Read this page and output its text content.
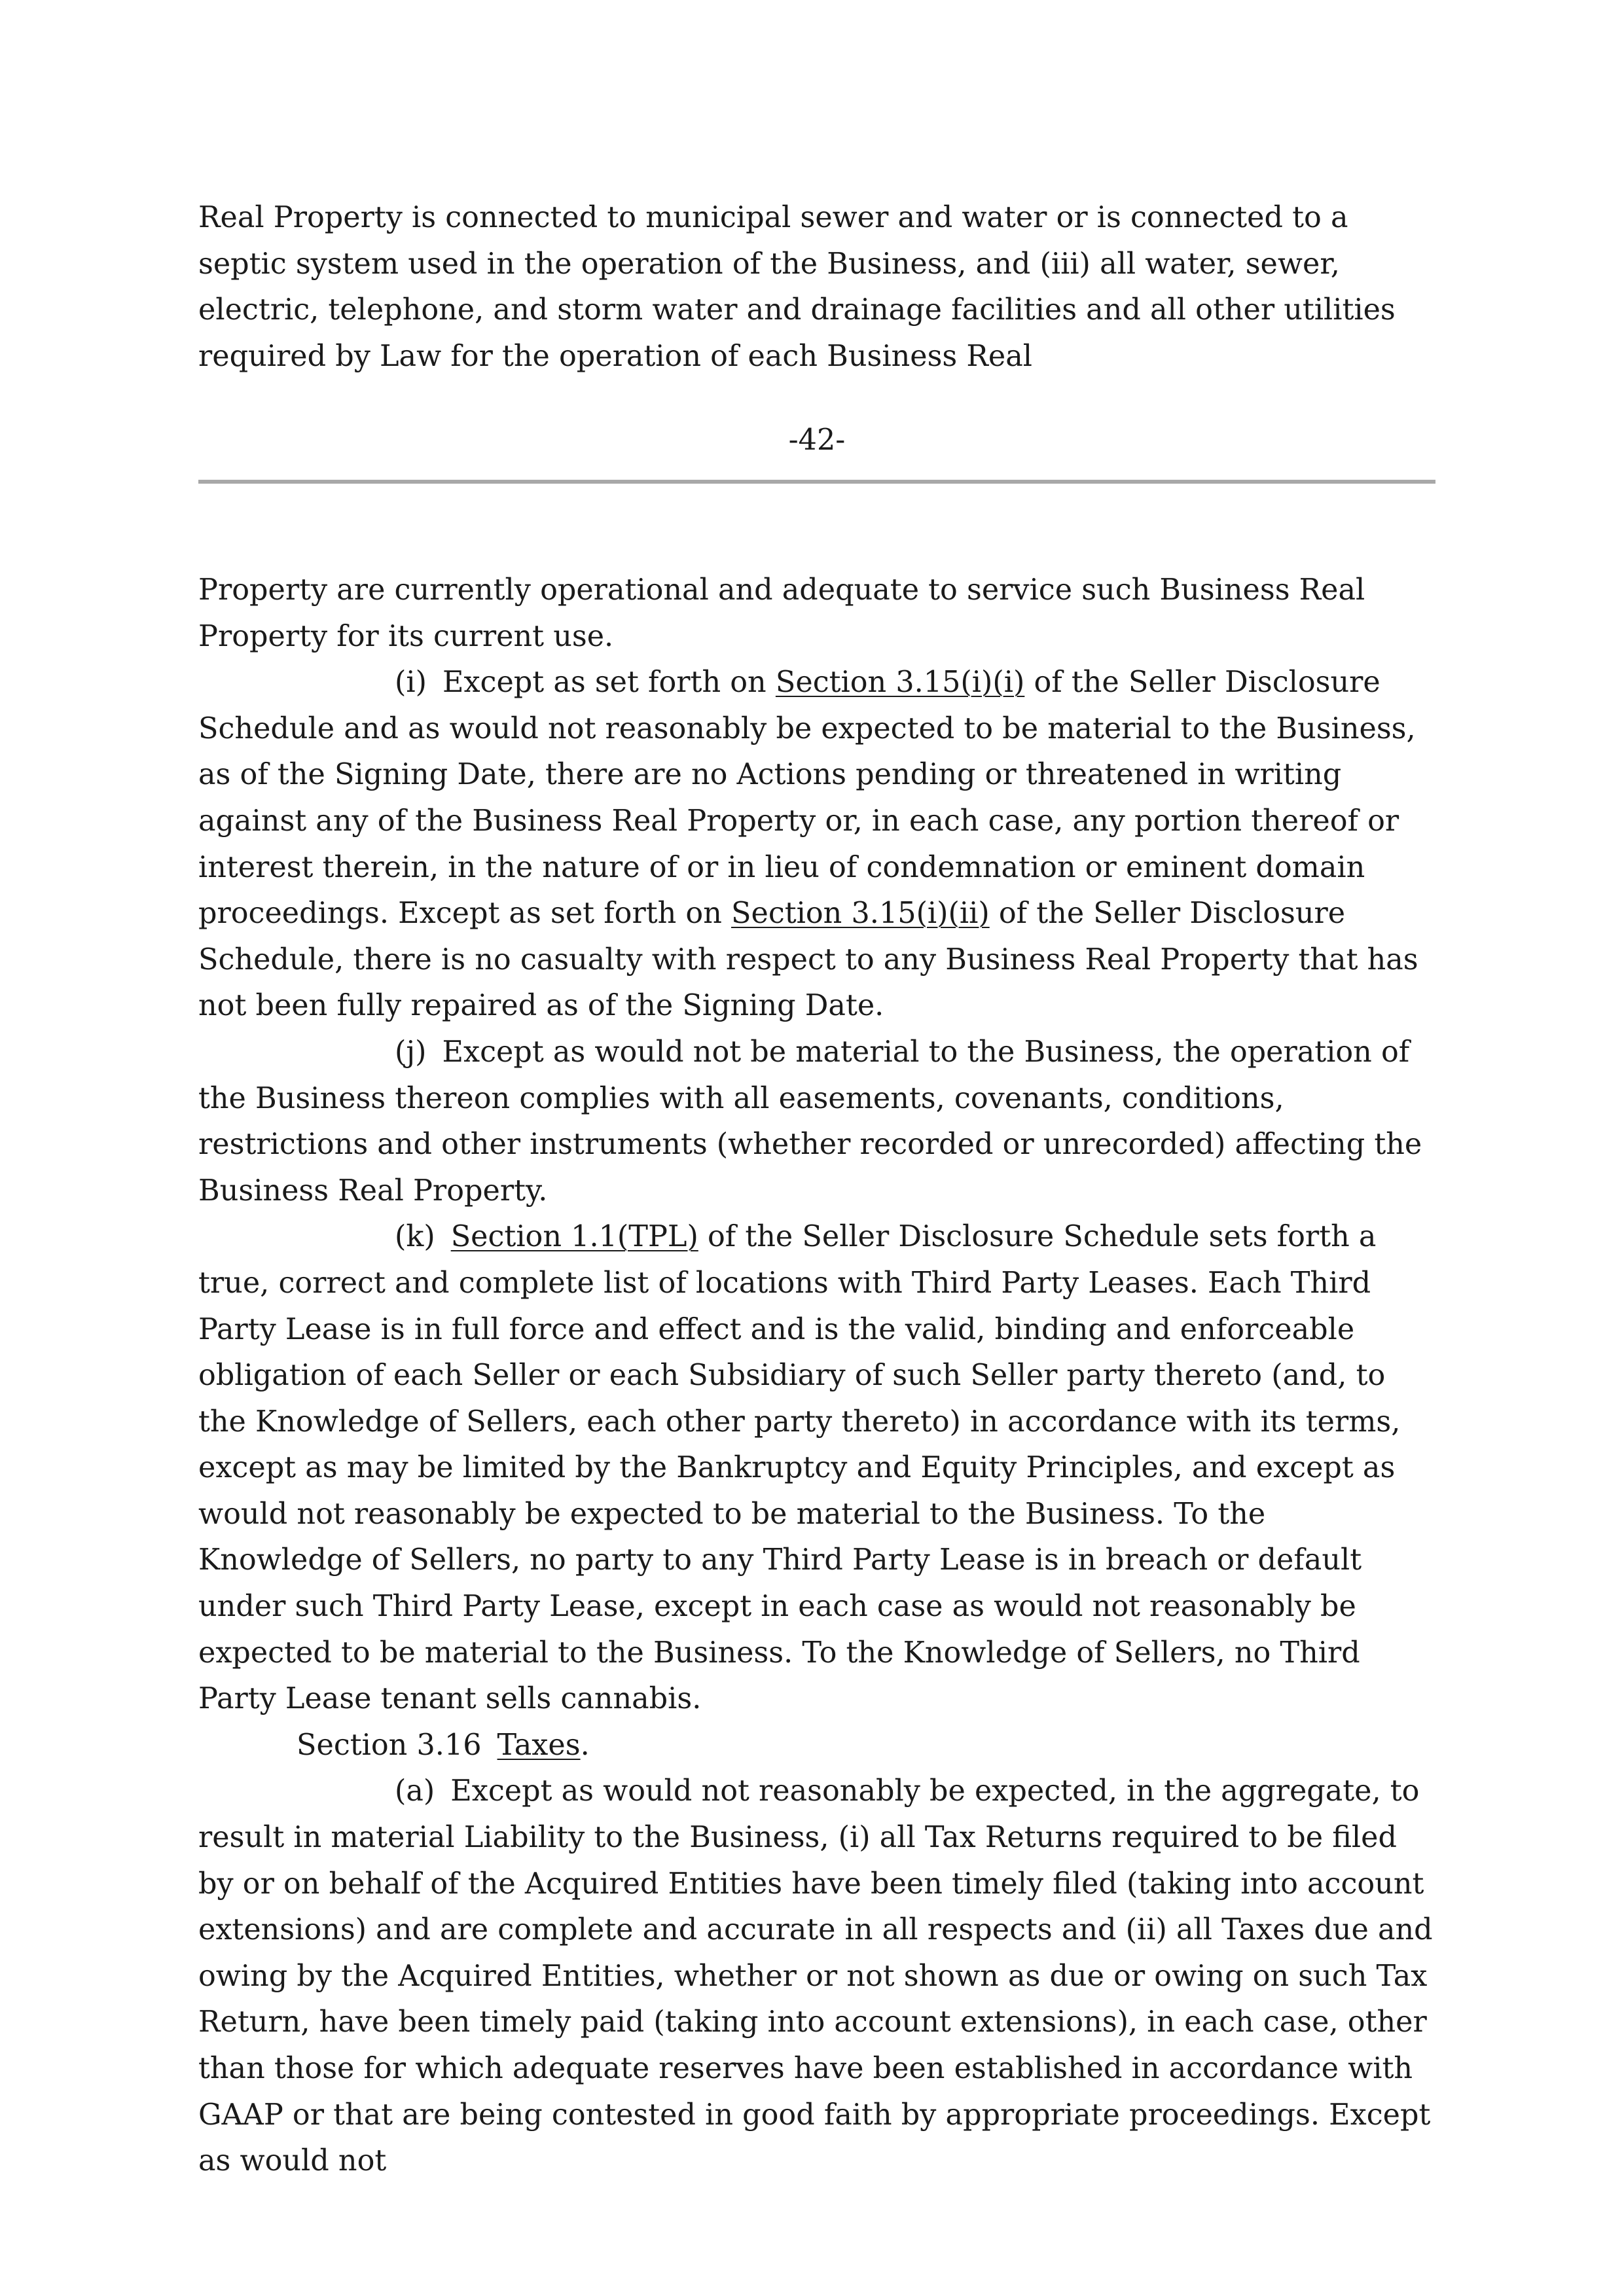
Real Property is connected to municipal sewer and water or is connected to a septic system used in the operation of the Business, and (iii) all water, sewer, electric, telephone, and storm water and drainage facilities and all other utilities required by Law for the operation of each Business Real

-42-

Property are currently operational and adequate to service such Business Real Property for its current use.

(i) Except as set forth on Section 3.15(i)(i) of the Seller Disclosure Schedule and as would not reasonably be expected to be material to the Business, as of the Signing Date, there are no Actions pending or threatened in writing against any of the Business Real Property or, in each case, any portion thereof or interest therein, in the nature of or in lieu of condemnation or eminent domain proceedings. Except as set forth on Section 3.15(i)(ii) of the Seller Disclosure Schedule, there is no casualty with respect to any Business Real Property that has not been fully repaired as of the Signing Date.

(j) Except as would not be material to the Business, the operation of the Business thereon complies with all easements, covenants, conditions, restrictions and other instruments (whether recorded or unrecorded) affecting the Business Real Property.

(k) Section 1.1(TPL) of the Seller Disclosure Schedule sets forth a true, correct and complete list of locations with Third Party Leases. Each Third Party Lease is in full force and effect and is the valid, binding and enforceable obligation of each Seller or each Subsidiary of such Seller party thereto (and, to the Knowledge of Sellers, each other party thereto) in accordance with its terms, except as may be limited by the Bankruptcy and Equity Principles, and except as would not reasonably be expected to be material to the Business. To the Knowledge of Sellers, no party to any Third Party Lease is in breach or default under such Third Party Lease, except in each case as would not reasonably be expected to be material to the Business. To the Knowledge of Sellers, no Third Party Lease tenant sells cannabis.

Section 3.16 Taxes.

(a) Except as would not reasonably be expected, in the aggregate, to result in material Liability to the Business, (i) all Tax Returns required to be filed by or on behalf of the Acquired Entities have been timely filed (taking into account extensions) and are complete and accurate in all respects and (ii) all Taxes due and owing by the Acquired Entities, whether or not shown as due or owing on such Tax Return, have been timely paid (taking into account extensions), in each case, other than those for which adequate reserves have been established in accordance with GAAP or that are being contested in good faith by appropriate proceedings. Except as would not
